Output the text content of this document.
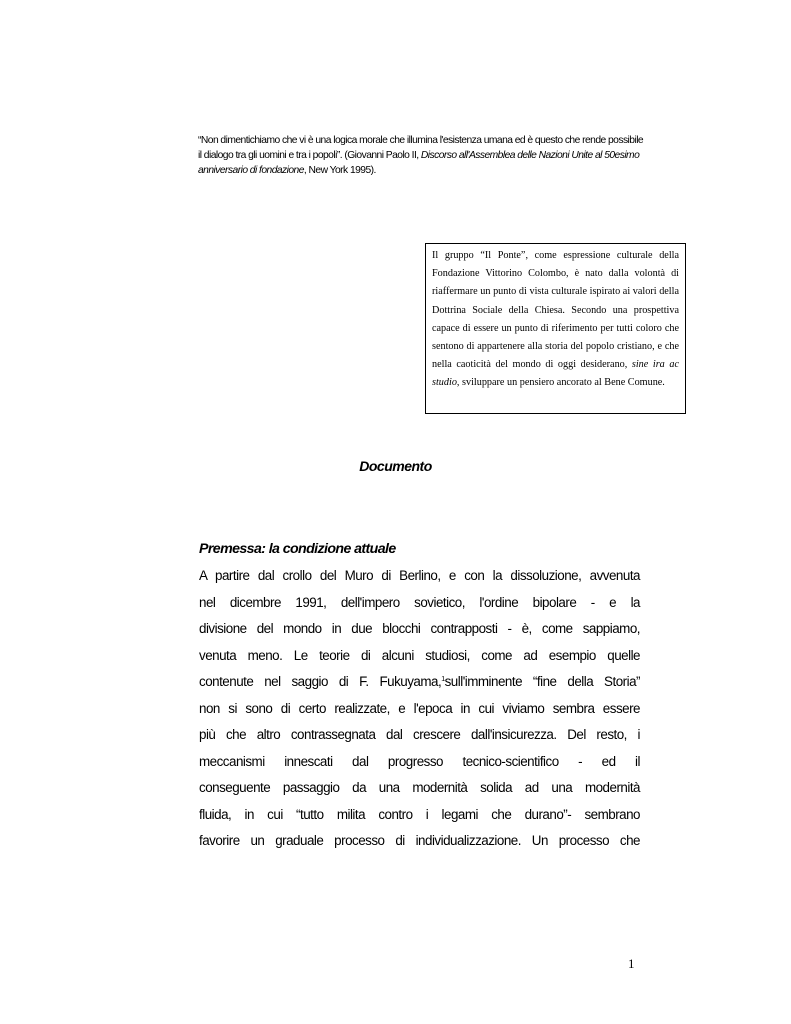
“Non dimentichiamo che vi è una logica morale che illumina l'esistenza umana ed è questo che rende possibile il dialogo tra gli uomini e tra i popoli”. (Giovanni Paolo II, Discorso all'Assemblea delle Nazioni Unite al 50esimo anniversario di fondazione, New York 1995).
Il gruppo “Il Ponte”, come espressione culturale della Fondazione Vittorino Colombo, è nato dalla volontà di riaffermare un punto di vista culturale ispirato ai valori della Dottrina Sociale della Chiesa. Secondo una prospettiva capace di essere un punto di riferimento per tutti coloro che sentono di appartenere alla storia del popolo cristiano, e che nella caoticità del mondo di oggi desiderano, sine ira ac studio, sviluppare un pensiero ancorato al Bene Comune.
Documento
Premessa: la condizione attuale
A partire dal crollo del Muro di Berlino, e con la dissoluzione, avvenuta
nel dicembre 1991, dell'impero sovietico, l'ordine bipolare - e la
divisione del mondo in due blocchi contrapposti - è, come sappiamo,
venuta meno. Le teorie di alcuni studiosi, come ad esempio quelle
contenute nel saggio di F. Fukuyama,$^1$sull'imminente “fine della Storia”
non si sono di certo realizzate, e l'epoca in cui viviamo sembra essere
più che altro contrassegnata dal crescere dall'insicurezza. Del resto, i
meccanismi innescati dal progresso tecnico-scientifico - ed il
conseguente passaggio da una modernità solida ad una modernità
fluida, in cui “tutto milita contro i legami che durano”- sembrano
favorire un graduale processo di individualizzazione. Un processo che
1
